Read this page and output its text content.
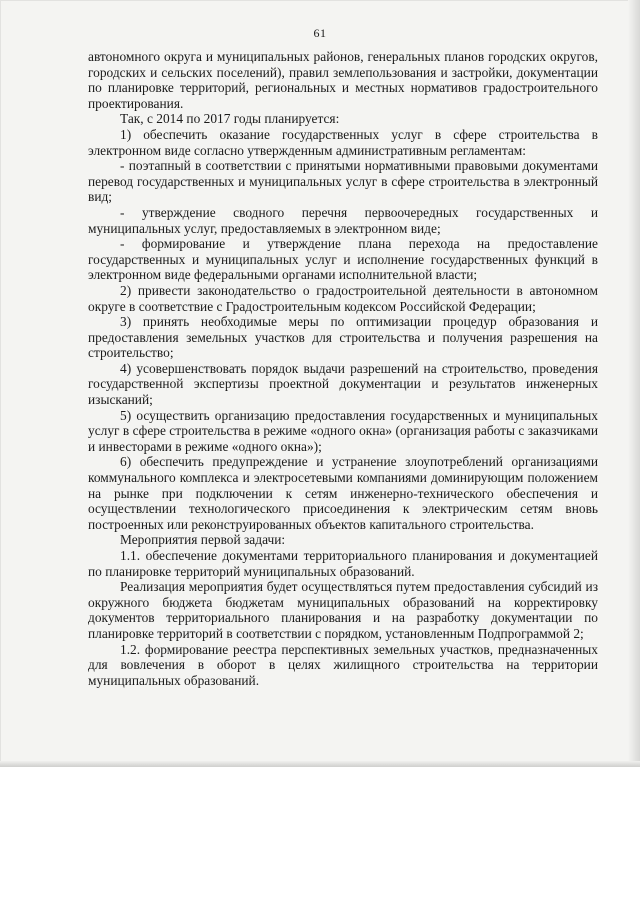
61

автономного округа и муниципальных районов, генеральных планов городских округов, городских и сельских поселений), правил землепользования и застройки, документации по планировке территорий, региональных и местных нормативов градостроительного проектирования.

Так, с 2014 по 2017 годы планируется:

1) обеспечить оказание государственных услуг в сфере строительства в электронном виде согласно утвержденным административным регламентам:

- поэтапный в соответствии с принятыми нормативными правовыми документами перевод государственных и муниципальных услуг в сфере строительства в электронный вид;

- утверждение сводного перечня первоочередных государственных и муниципальных услуг, предоставляемых в электронном виде;

- формирование и утверждение плана перехода на предоставление государственных и муниципальных услуг и исполнение государственных функций в электронном виде федеральными органами исполнительной власти;

2) привести законодательство о градостроительной деятельности в автономном округе в соответствие с Градостроительным кодексом Российской Федерации;

3) принять необходимые меры по оптимизации процедур образования и предоставления земельных участков для строительства и получения разрешения на строительство;

4) усовершенствовать порядок выдачи разрешений на строительство, проведения государственной экспертизы проектной документации и результатов инженерных изысканий;

5) осуществить организацию предоставления государственных и муниципальных услуг в сфере строительства в режиме «одного окна» (организация работы с заказчиками и инвесторами в режиме «одного окна»);

6) обеспечить предупреждение и устранение злоупотреблений организациями коммунального комплекса и электросетевыми компаниями доминирующим положением на рынке при подключении к сетям инженерно-технического обеспечения и осуществлении технологического присоединения к электрическим сетям вновь построенных или реконструированных объектов капитального строительства.

Мероприятия первой задачи:

1.1. обеспечение документами территориального планирования и документацией по планировке территорий муниципальных образований.

Реализация мероприятия будет осуществляться путем предоставления субсидий из окружного бюджета бюджетам муниципальных образований на корректировку документов территориального планирования и на разработку документации по планировке территорий в соответствии с порядком, установленным Подпрограммой 2;

1.2. формирование реестра перспективных земельных участков, предназначенных для вовлечения в оборот в целях жилищного строительства на территории муниципальных образований.
